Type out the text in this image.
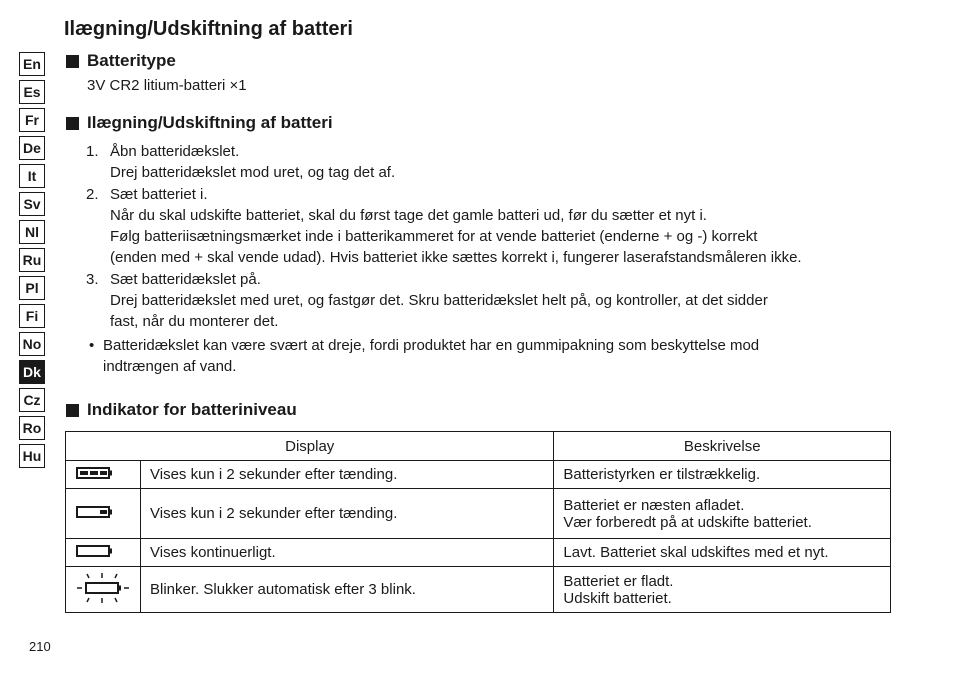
Ilægning/Udskiftning af batteri
En
Es
Fr
De
It
Sv
Nl
Ru
Pl
Fi
No
Dk
Cz
Ro
Hu
Batteritype
3V CR2 litium-batteri ×1
Ilægning/Udskiftning af batteri
1. Åbn batteridækslet.
Drej batteridækslet mod uret, og tag det af.
2. Sæt batteriet i.
Når du skal udskifte batteriet, skal du først tage det gamle batteri ud, før du sætter et nyt i.
Følg batteriisætningsmærket inde i batterikammeret for at vende batteriet (enderne + og -) korrekt
(enden med + skal vende udad). Hvis batteriet ikke sættes korrekt i, fungerer laserafstandsmåleren ikke.
3. Sæt batteridækslet på.
Drej batteridækslet med uret, og fastgør det. Skru batteridækslet helt på, og kontroller, at det sidder
fast, når du monterer det.
• Batteridækslet kan være svært at dreje, fordi produktet har en gummipakning som beskyttelse mod
indtrængen af vand.
Indikator for batteriniveau
Display		Beskrivelse
	Vises kun i 2 sekunder efter tænding.	Batteristyrken er tilstrækkelig.
	Vises kun i 2 sekunder efter tænding.	Batteriet er næsten afladet.
Vær forberedt på at udskifte batteriet.

	Vises kontinuerligt.	Lavt. Batteriet skal udskiftes med et nyt.
	Blinker. Slukker automatisk efter 3 blink.	Batteriet er fladt.
Udskift batteriet.
210
